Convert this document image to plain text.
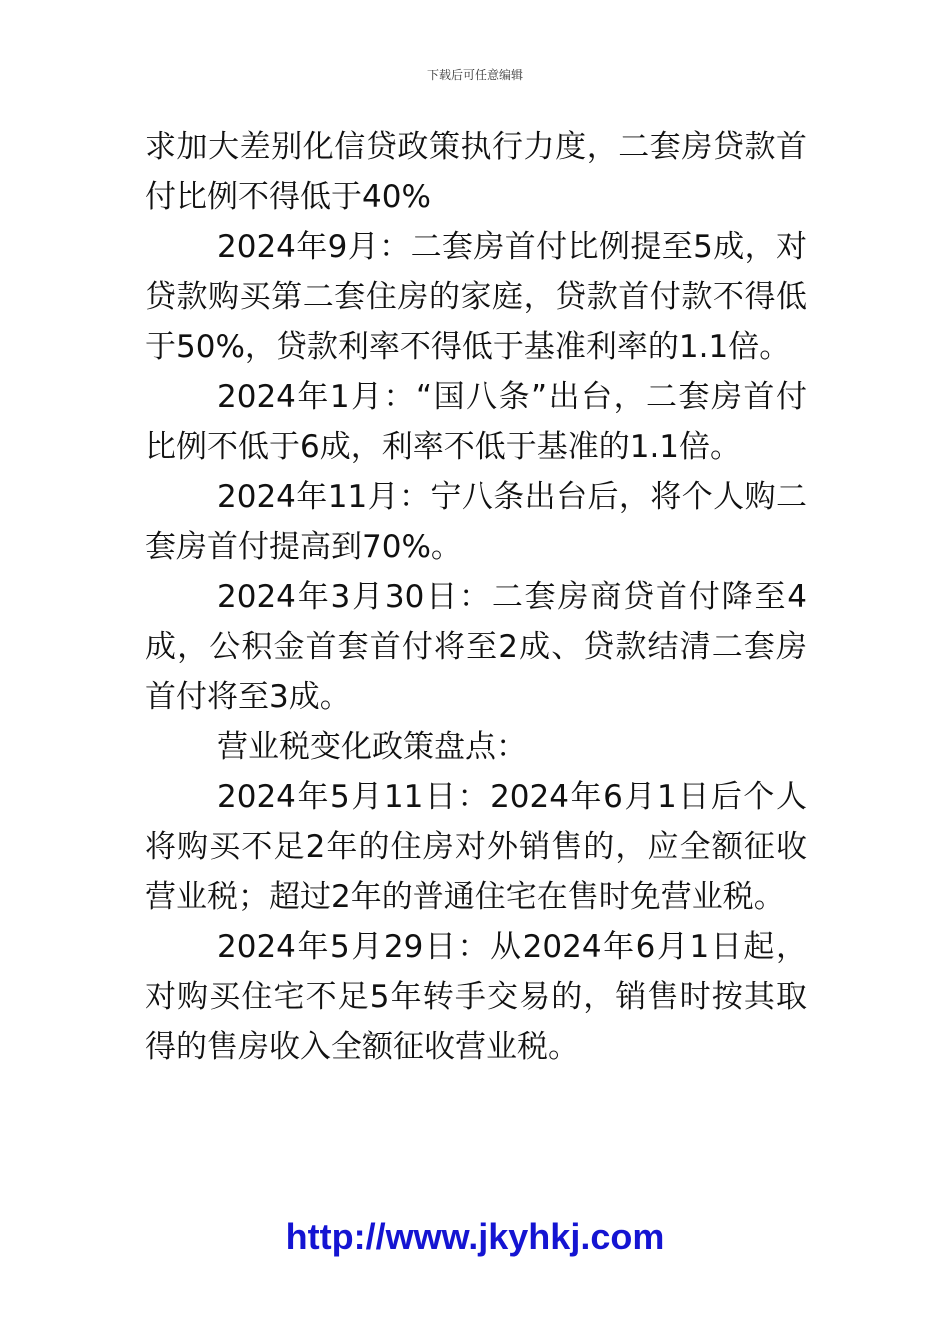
下载后可任意编辑

求加大差别化信贷政策执行力度，二套房贷款首付比例不得低于40%

2024年9月：二套房首付比例提至5成，对贷款购买第二套住房的家庭，贷款首付款不得低于50%，贷款利率不得低于基准利率的1.1倍。

2024年1月：“国八条”出台，二套房首付比例不低于6成，利率不低于基准的1.1倍。

2024年11月：宁八条出台后，将个人购二套房首付提高到70%。

2024年3月30日：二套房商贷首付降至4成，公积金首套首付将至2成、贷款结清二套房首付将至3成。

营业税变化政策盘点：

2024年5月11日：2024年6月1日后个人将购买不足2年的住房对外销售的，应全额征收营业税；超过2年的普通住宅在售时免营业税。

2024年5月29日：从2024年6月1日起，对购买住宅不足5年转手交易的，销售时按其取得的售房收入全额征收营业税。

http://www.jkyhkj.com
